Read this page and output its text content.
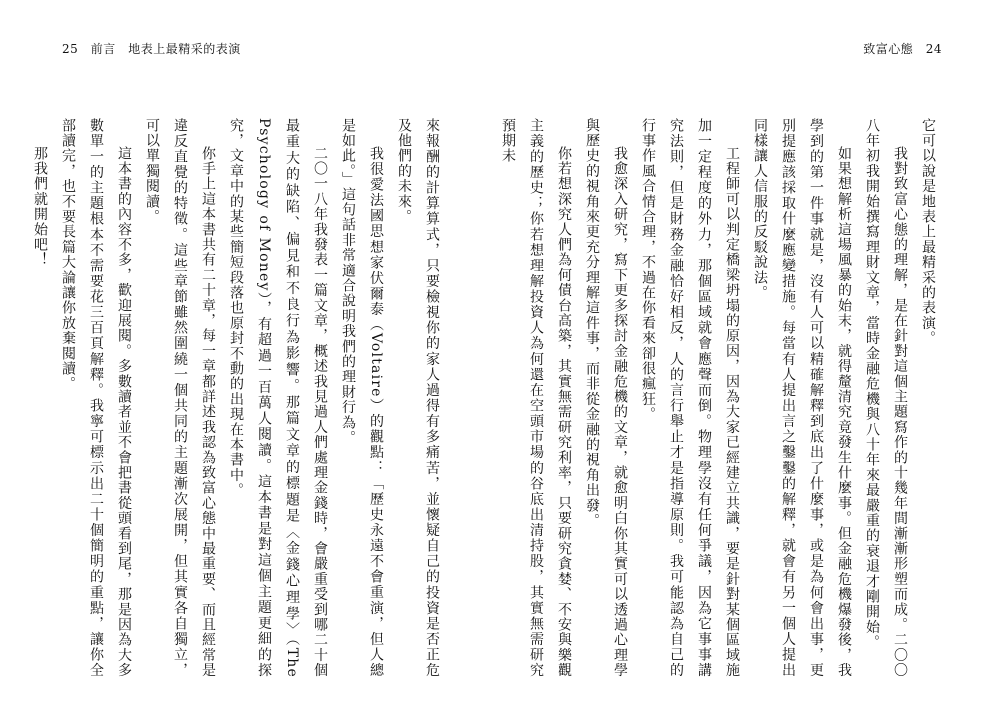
25　前言　地表上最精采的表演	致富心態　24

它可以說是地表上最精采的表演。

我對致富心態的理解，是在針對這個主題寫作的十幾年間漸漸形塑而成。二〇〇八年初我開始撰寫理財文章，當時金融危機與八十年來最嚴重的衰退才剛開始。

如果想解析這場風暴的始末，就得釐清究竟發生什麼事。但金融危機爆發後，我學到的第一件事就是，沒有人可以精確解釋到底出了什麼事，或是為何會出事，更別提應該採取什麼應變措施。每當有人提出言之鑿鑿的解釋，就會有另一個人提出同樣讓人信服的反駁說法。

工程師可以判定橋梁坍塌的原因，因為大家已經建立共識，要是針對某個區域施加一定程度的外力，那個區域就會應聲而倒。物理學沒有任何爭議，因為它事事講究法則，但是財務金融恰好相反，人的言行舉止才是指導原則。我可能認為自己的行事作風合情合理，不過在你看來卻很瘋狂。

我愈深入研究，寫下更多探討金融危機的文章，就愈明白你其實可以透過心理學與歷史的視角來更充分理解這件事，而非從金融的視角出發。

你若想深究人們為何債台高築，其實無需研究利率，只要研究貪婪、不安與樂觀主義的歷史；你若想理解投資人為何還在空頭市場的谷底出清持股，其實無需研究預期未

來報酬的計算算式，只要檢視你的家人過得有多痛苦，並懷疑自己的投資是否正危及他們的未來。

我很愛法國思想家伏爾泰（Voltaire）的觀點：「歷史永遠不會重演，但人總是如此。」這句話非常適合說明我們的理財行為。

二〇一八年我發表一篇文章，概述我見過人們處理金錢時，會嚴重受到哪二十個最重大的缺陷、偏見和不良行為影響。那篇文章的標題是〈金錢心理學〉（The Psychology of Money），有超過一百萬人閱讀。這本書是對這個主題更細的探究，文章中的某些簡短段落也原封不動的出現在本書中。

你手上這本書共有二十章，每一章都詳述我認為致富心態中最重要、而且經常是違反直覺的特徵。這些章節雖然圍繞一個共同的主題漸次展開，但其實各自獨立，可以單獨閱讀。

這本書的內容不多，歡迎展閱。多數讀者並不會把書從頭看到尾，那是因為大多數單一的主題根本不需要花三百頁解釋。我寧可標示出二十個簡明的重點，讓你全部讀完，也不要長篇大論讓你放棄閱讀。

那我們就開始吧！
